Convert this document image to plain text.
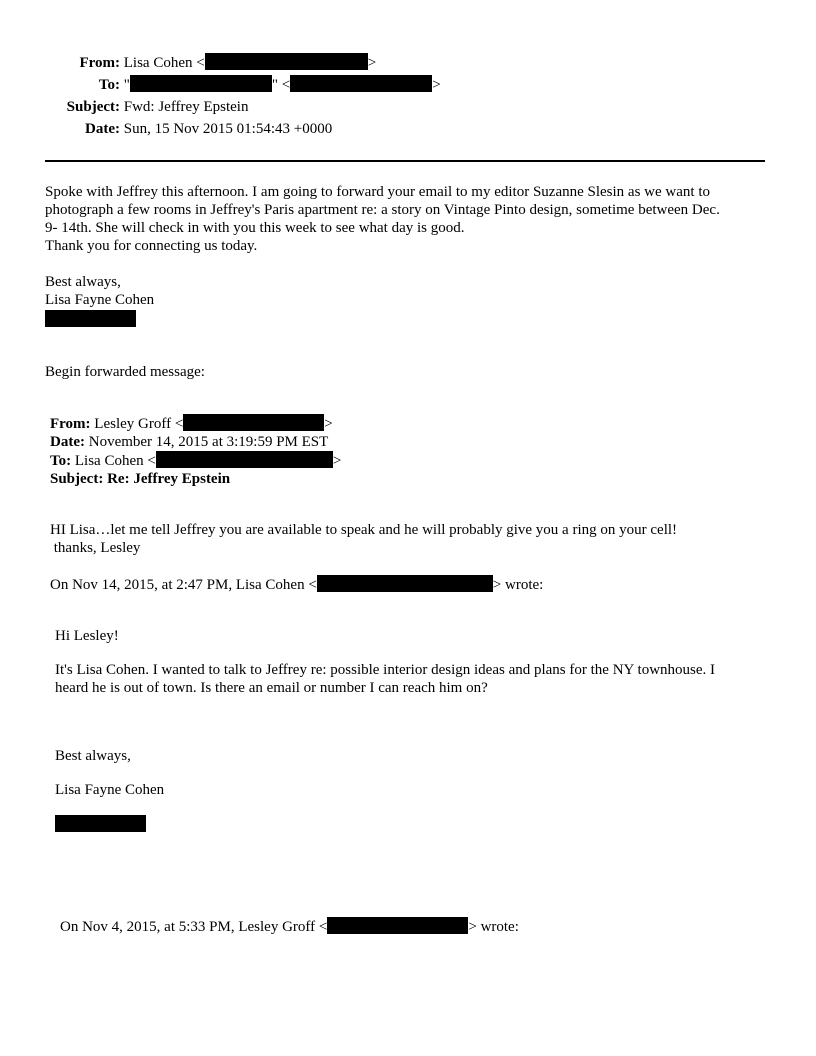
From: Lisa Cohen <	>
To: "	" <	>
Subject: Fwd: Jeffrey Epstein
Date: Sun, 15 Nov 2015 01:54:43 +0000
Spoke with Jeffrey this afternoon. I am going to forward your email to my editor Suzanne Slesin as we want to
photograph a few rooms in Jeffrey's Paris apartment re: a story on Vintage Pinto design, sometime between Dec.
9- 14th. She will check in with you this week to see what day is good.
Thank you for connecting us today.
Best always,
Lisa Fayne Cohen
Begin forwarded message:
From: Lesley Groff <	>
Date: November 14, 2015 at 3:19:59 PM EST
To: Lisa Cohen <	>
Subject: Re: Jeffrey Epstein
HI Lisa…let me tell Jeffrey you are available to speak and he will probably give you a ring on your cell!
thanks, Lesley
On Nov 14, 2015, at 2:47 PM, Lisa Cohen <	> wrote:
Hi Lesley!
It's Lisa Cohen. I wanted to talk to Jeffrey re: possible interior design ideas and plans for the NY townhouse. I
heard he is out of town. Is there an email or number I can reach him on?
Best always,
Lisa Fayne Cohen
On Nov 4, 2015, at 5:33 PM, Lesley Groff <	> wrote:
